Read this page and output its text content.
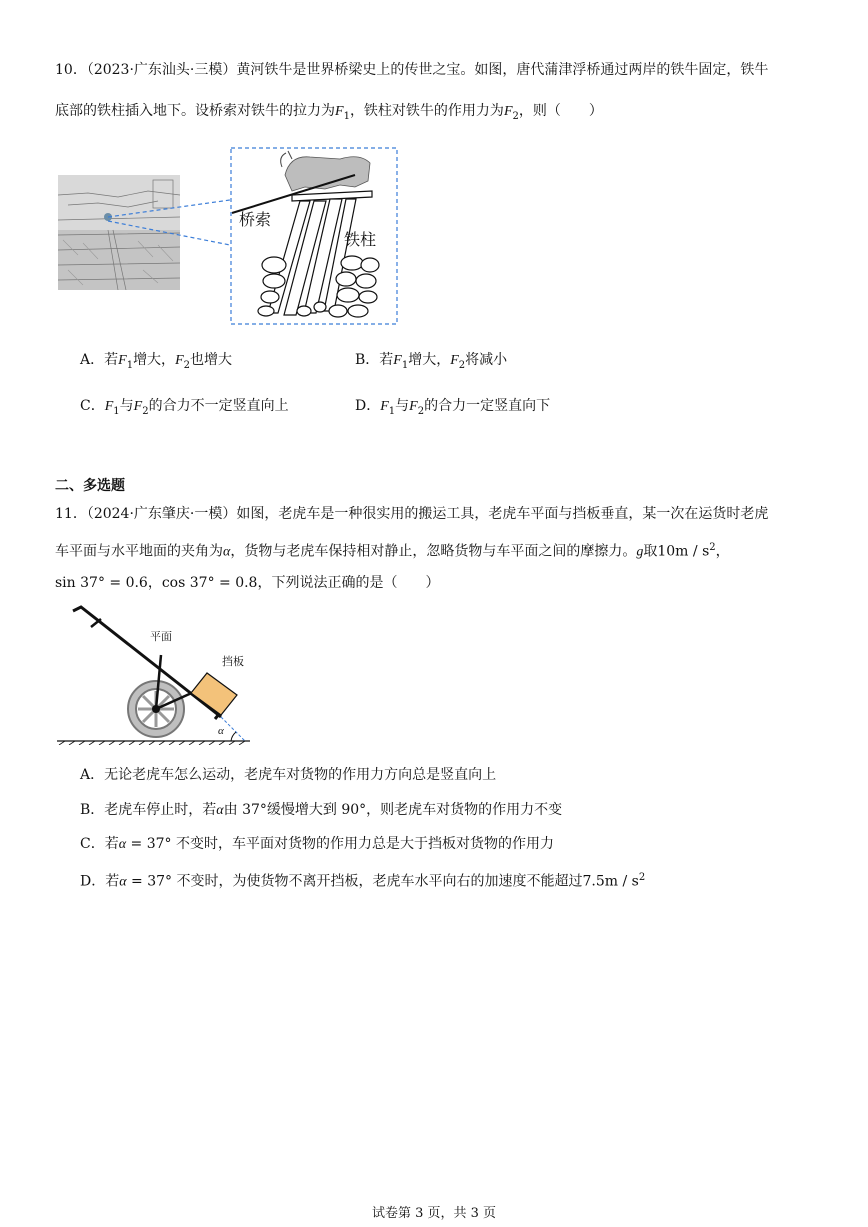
10．（2023·广东汕头·三模）黄河铁牛是世界桥梁史上的传世之宝。如图，唐代蒲津浮桥通过两岸的铁牛固定，铁牛
底部的铁柱插入地下。设桥索对铁牛的拉力为$F_1$，铁柱对铁牛的作用力为$F_2$，则（　　）
桥索
铁柱
A．若$F_1$增大，$F_2$也增大	B．若$F_1$增大，$F_2$将减小
C．$F_1$与$F_2$的合力不一定竖直向上	D．$F_1$与$F_2$的合力一定竖直向下
二、多选题
11．（2024·广东肇庆·一模）如图，老虎车是一种很实用的搬运工具，老虎车平面与挡板垂直，某一次在运货时老虎
车平面与水平地面的夹角为α，货物与老虎车保持相对静止，忽略货物与车平面之间的摩擦力。g取$10m / s^2$，
sin 37° = 0.6，cos 37° = 0.8，下列说法正确的是（　　）
平面
挡板
α
A．无论老虎车怎么运动，老虎车对货物的作用力方向总是竖直向上
B．老虎车停止时，若α由 37°缓慢增大到 90°，则老虎车对货物的作用力不变
C．若α = 37° 不变时，车平面对货物的作用力总是大于挡板对货物的作用力
D．若α = 37° 不变时，为使货物不离开挡板，老虎车水平向右的加速度不能超过$7.5m / s^2$
试卷第 3 页，共 3 页
